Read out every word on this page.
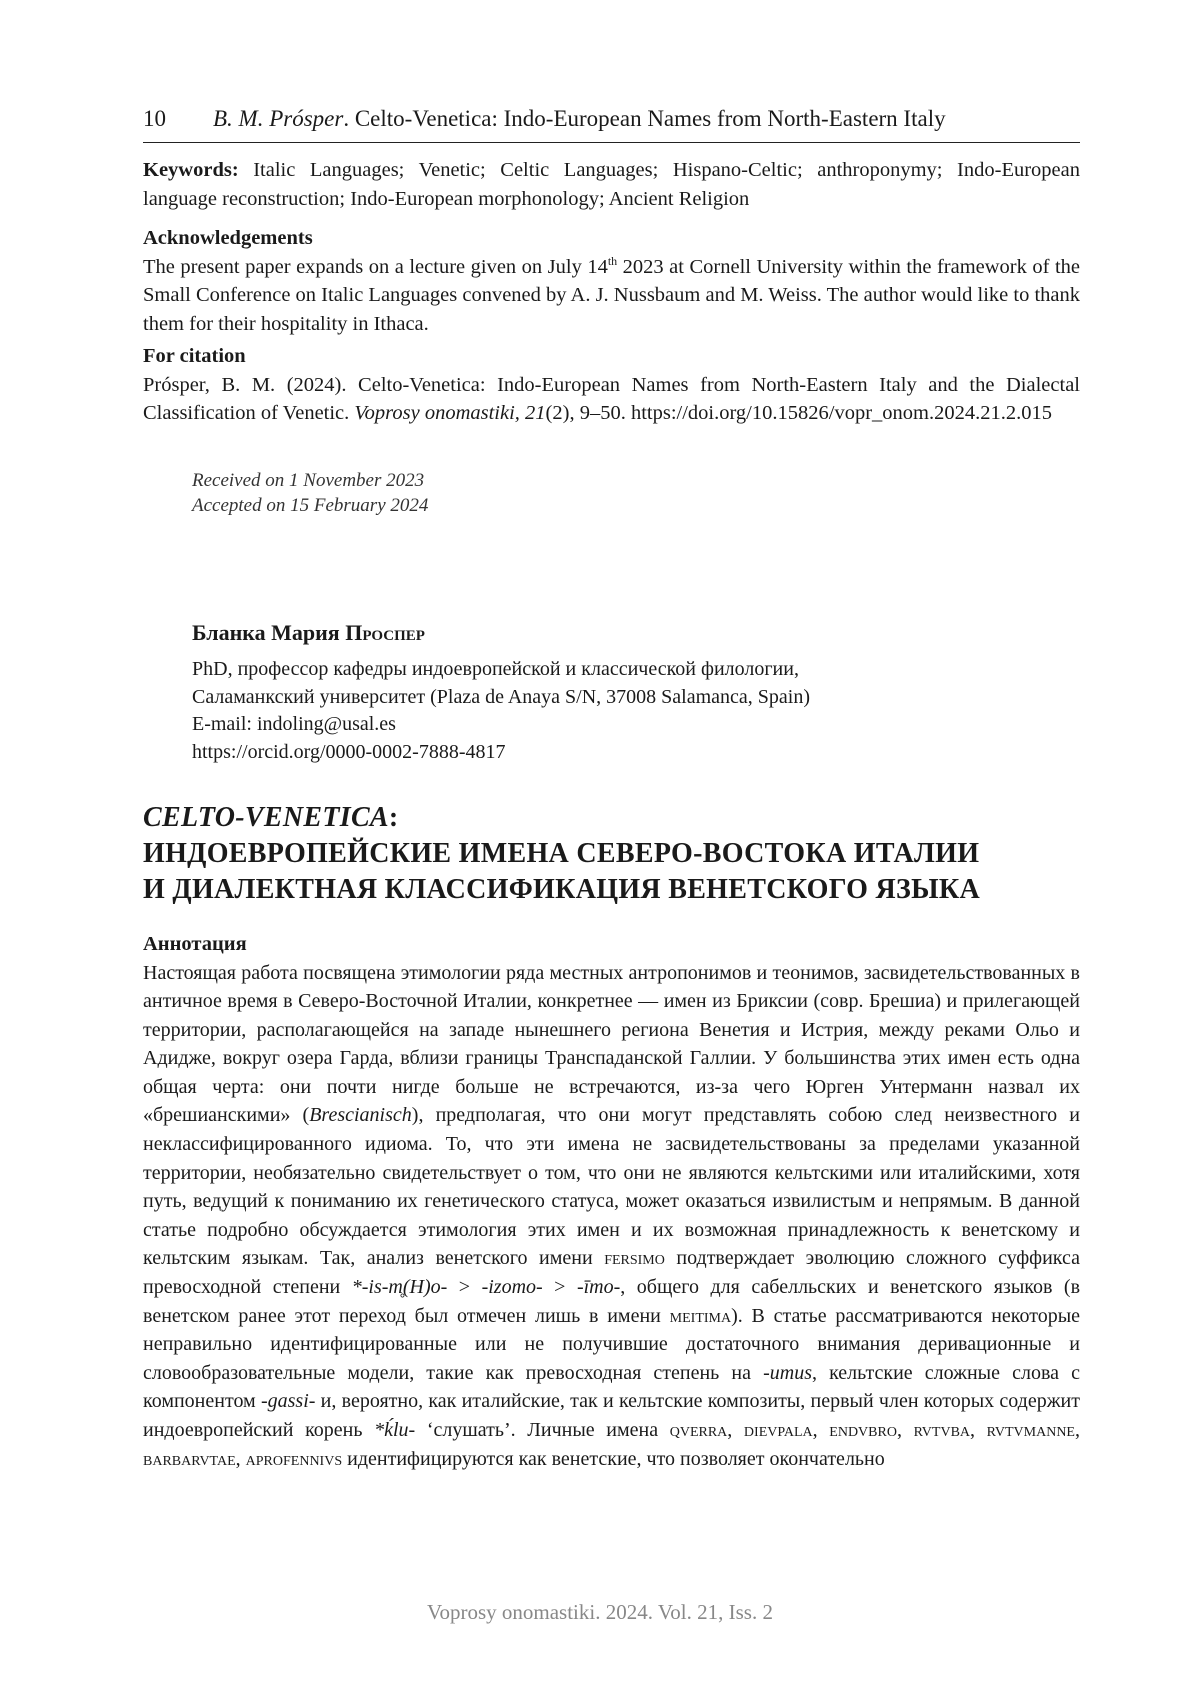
10 B. M. Prósper. Celto-Venetica: Indo-European Names from North-Eastern Italy
Keywords: Italic Languages; Venetic; Celtic Languages; Hispano-Celtic; anthroponymy; Indo-European language reconstruction; Indo-European morphonology; Ancient Religion
Acknowledgements
The present paper expands on a lecture given on July 14th 2023 at Cornell University within the framework of the Small Conference on Italic Languages convened by A. J. Nussbaum and M. Weiss. The author would like to thank them for their hospitality in Ithaca.
For citation
Prósper, B. M. (2024). Celto-Venetica: Indo-European Names from North-Eastern Italy and the Dialectal Classification of Venetic. Voprosy onomastiki, 21(2), 9–50. https://doi.org/10.15826/vopr_onom.2024.21.2.015
Received on 1 November 2023
Accepted on 15 February 2024
Бланка Мария Проспер
PhD, профессор кафедры индоевропейской и классической филологии,
Саламанкский университет (Plaza de Anaya S/N, 37008 Salamanca, Spain)
E-mail: indoling@usal.es
https://orcid.org/0000-0002-7888-4817
CELTO-VENETICA:
ИНДОЕВРОПЕЙСКИЕ ИМЕНА СЕВЕРО-ВОСТОКА ИТАЛИИ
И ДИАЛЕКТНАЯ КЛАССИФИКАЦИЯ ВЕНЕТСКОГО ЯЗЫКА
Аннотация
Настоящая работа посвящена этимологии ряда местных антропонимов и теонимов, засвидетельствованных в античное время в Северо-Восточной Италии, конкретнее — имен из Бриксии (совр. Брешиа) и прилегающей территории, располагающейся на западе нынешнего региона Венетия и Истрия, между реками Ольо и Адидже, вокруг озера Гарда, вблизи границы Транспаданской Галлии. У большинства этих имен есть одна общая черта: они почти нигде больше не встречаются, из-за чего Юрген Унтерманн назвал их «брешианскими» (Brescianisch), предполагая, что они могут представлять собою след неизвестного и неклассифицированного идиома. То, что эти имена не засвидетельствованы за пределами указанной территории, необязательно свидетельствует о том, что они не являются кельтскими или италийскими, хотя путь, ведущий к пониманию их генетического статуса, может оказаться извилистым и непрямым. В данной статье подробно обсуждается этимология этих имен и их возможная принадлежность к венетскому и кельтским языкам. Так, анализ венетского имени fersimo подтверждает эволюцию сложного суффикса превосходной степени *-is-m̥(H)o- > -izomo- > -īmo-, общего для сабелльских и венетского языков (в венетском ранее этот переход был отмечен лишь в имени meitima). В статье рассматриваются некоторые неправильно идентифицированные или не получившие достаточного внимания деривационные и словообразовательные модели, такие как превосходная степень на -umus, кельтские сложные слова с компонентом -gassi- и, вероятно, как италийские, так и кельтские композиты, первый член которых содержит индоевропейский корень *ḱlu- ‘слушать’. Личные имена qverra, dievpala, endvbro, rvtvba, rvtvmanne, barbarvtae, aprofennivs идентифицируются как венетские, что позволяет окончательно
Voprosy onomastiki. 2024. Vol. 21, Iss. 2
